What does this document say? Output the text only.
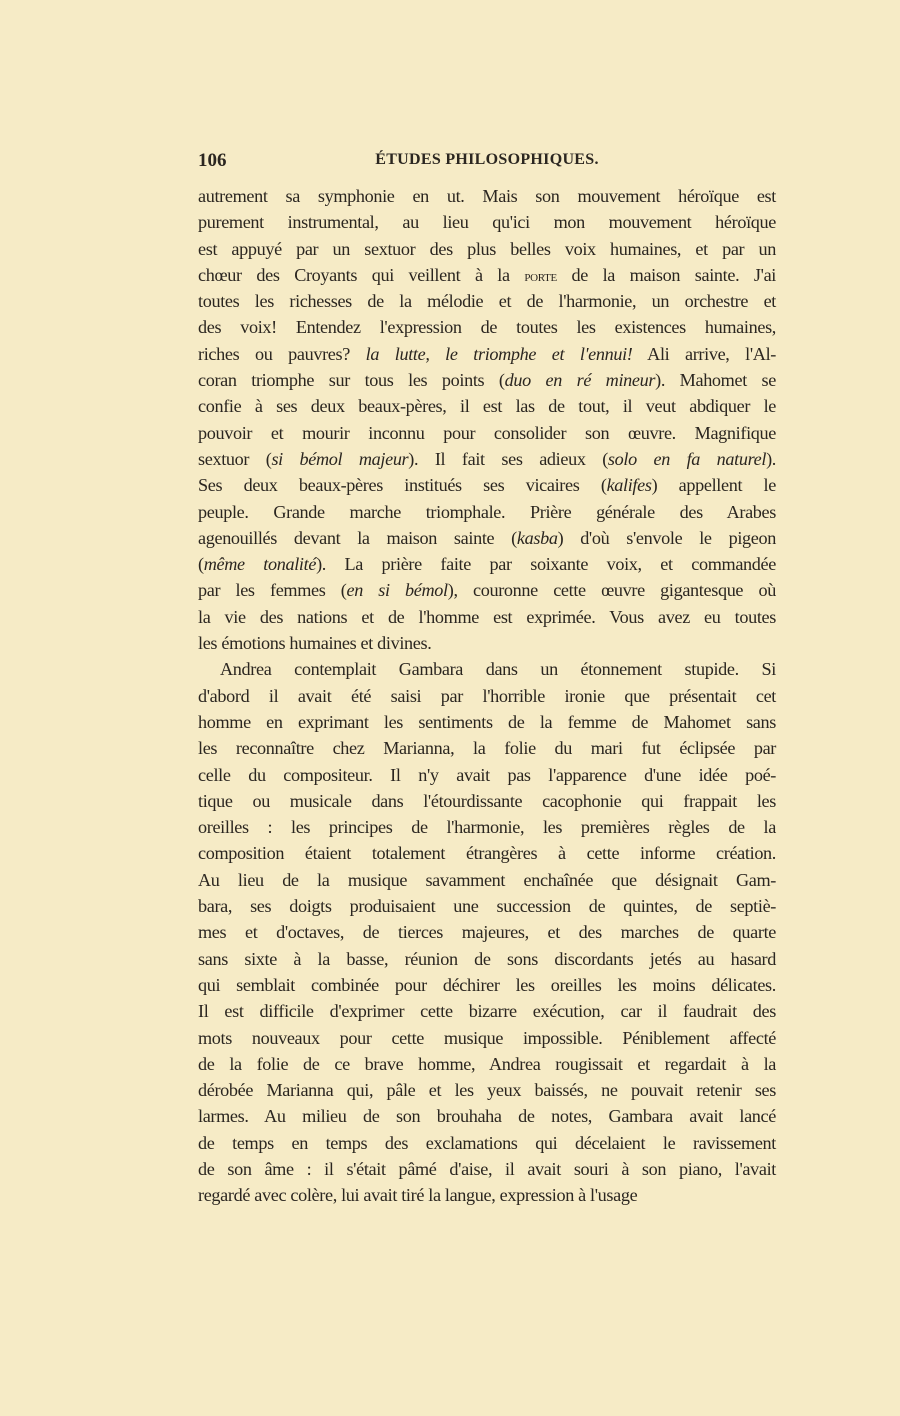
106	ÉTUDES PHILOSOPHIQUES.
autrement sa symphonie en ut. Mais son mouvement héroïque est
purement instrumental, au lieu qu'ici mon mouvement héroïque
est appuyé par un sextuor des plus belles voix humaines, et par un
chœur des Croyants qui veillent à la porte de la maison sainte. J'ai
toutes les richesses de la mélodie et de l'harmonie, un orchestre et
des voix! Entendez l'expression de toutes les existences humaines,
riches ou pauvres? la lutte, le triomphe et l'ennui! Ali arrive, l'Al-
coran triomphe sur tous les points (duo en ré mineur). Mahomet se
confie à ses deux beaux-pères, il est las de tout, il veut abdiquer le
pouvoir et mourir inconnu pour consolider son œuvre. Magnifique
sextuor (si bémol majeur). Il fait ses adieux (solo en fa naturel).
Ses deux beaux-pères institués ses vicaires (kalifes) appellent le
peuple. Grande marche triomphale. Prière générale des Arabes
agenouillés devant la maison sainte (kasba) d'où s'envole le pigeon
(même tonalité). La prière faite par soixante voix, et commandée
par les femmes (en si bémol), couronne cette œuvre gigantesque où
la vie des nations et de l'homme est exprimée. Vous avez eu toutes
les émotions humaines et divines.
Andrea contemplait Gambara dans un étonnement stupide. Si
d'abord il avait été saisi par l'horrible ironie que présentait cet
homme en exprimant les sentiments de la femme de Mahomet sans
les reconnaître chez Marianna, la folie du mari fut éclipsée par
celle du compositeur. Il n'y avait pas l'apparence d'une idée poé-
tique ou musicale dans l'étourdissante cacophonie qui frappait les
oreilles : les principes de l'harmonie, les premières règles de la
composition étaient totalement étrangères à cette informe création.
Au lieu de la musique savamment enchaînée que désignait Gam-
bara, ses doigts produisaient une succession de quintes, de septiè-
mes et d'octaves, de tierces majeures, et des marches de quarte
sans sixte à la basse, réunion de sons discordants jetés au hasard
qui semblait combinée pour déchirer les oreilles les moins délicates.
Il est difficile d'exprimer cette bizarre exécution, car il faudrait des
mots nouveaux pour cette musique impossible. Péniblement affecté
de la folie de ce brave homme, Andrea rougissait et regardait à la
dérobée Marianna qui, pâle et les yeux baissés, ne pouvait retenir ses
larmes. Au milieu de son brouhaha de notes, Gambara avait lancé
de temps en temps des exclamations qui décelaient le ravissement
de son âme : il s'était pâmé d'aise, il avait souri à son piano, l'avait
regardé avec colère, lui avait tiré la langue, expression à l'usage
